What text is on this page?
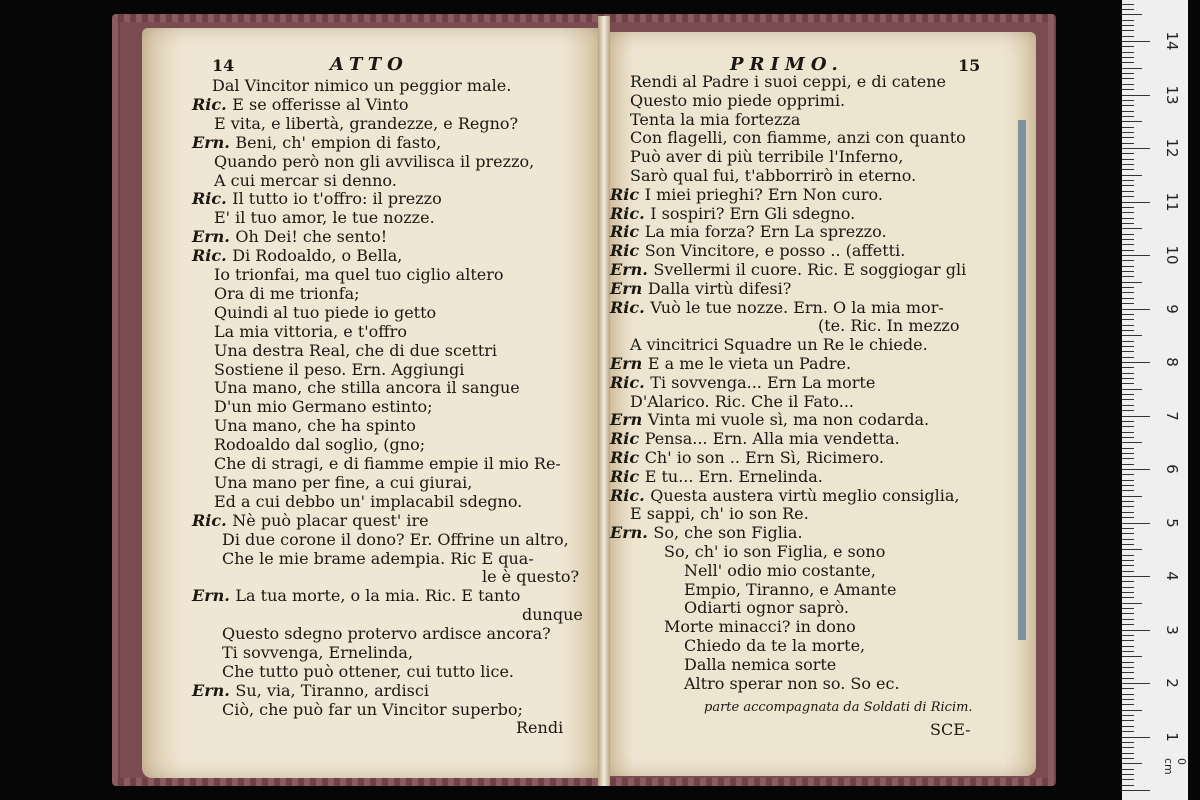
14	ATTO
Dal Vincitor nimico un peggior male.
Ric. E se offerisse al Vinto
E vita, e libertà, grandezze, e Regno?
Ern. Beni, ch' empion di fasto,
Quando però non gli avvilisca il prezzo,
A cui mercar si denno.
Ric. Il tutto io t'offro: il prezzo
E' il tuo amor, le tue nozze.
Ern. Oh Dei! che sento!
Ric. Di Rodoaldo, o Bella,
Io trionfai, ma quel tuo ciglio altero
Ora di me trionfa;
Quindi al tuo piede io getto
La mia vittoria, e t'offro
Una destra Real, che di due scettri
Sostiene il peso. Ern. Aggiungi
Una mano, che stilla ancora il sangue
D'un mio Germano estinto;
Una mano, che ha spinto
Rodoaldo dal soglio, (gno;
Che di stragi, e di fiamme empie il mio Re-
Una mano per fine, a cui giurai,
Ed a cui debbo un' implacabil sdegno.
Ric. Nè può placar quest' ire
Di due corone il dono? Er. Offrine un altro,
Che le mie brame adempia. Ric E qua-
le è questo?
Ern. La tua morte, o la mia. Ric. E tanto
dunque
Questo sdegno protervo ardisce ancora?
Ti sovvenga, Ernelinda,
Che tutto può ottener, cui tutto lice.
Ern. Su, via, Tiranno, ardisci
Ciò, che può far un Vincitor superbo;
Rendi
PRIMO.	15
Rendi al Padre i suoi ceppi, e di catene
Questo mio piede opprimi.
Tenta la mia fortezza
Con flagelli, con fiamme, anzi con quanto
Può aver di più terribile l'Inferno,
Sarò qual fui, t'abborrirò in eterno.
Ric I miei prieghi? Ern Non curo.
Ric. I sospiri? Ern Gli sdegno.
Ric La mia forza? Ern La sprezzo.
Ric Son Vincitore, e posso .. (affetti.
Ern. Svellermi il cuore. Ric. E soggiogar gli
Ern Dalla virtù difesi?
Ric. Vuò le tue nozze. Ern. O la mia mor-
(te. Ric. In mezzo
A vincitrici Squadre un Re le chiede.
Ern E a me le vieta un Padre.
Ric. Ti sovvenga... Ern La morte
D'Alarico. Ric. Che il Fato...
Ern Vinta mi vuole sì, ma non codarda.
Ric Pensa... Ern. Alla mia vendetta.
Ric Ch' io son .. Ern Sì, Ricimero.
Ric E tu... Ern. Ernelinda.
Ric. Questa austera virtù meglio consiglia,
E sappi, ch' io son Re.
Ern. So, che son Figlia.
So, ch' io son Figlia, e sono
Nell' odio mio costante,
Empio, Tiranno, e Amante
Odiarti ognor saprò.
Morte minacci? in dono
Chiedo da te la morte,
Dalla nemica sorte
Altro sperar non so. So ec.
parte accompagnata da Soldati di Ricim.
SCE-
0 cm
1
2
3
4
5
6
7
8
9
10
11
12
13
14
